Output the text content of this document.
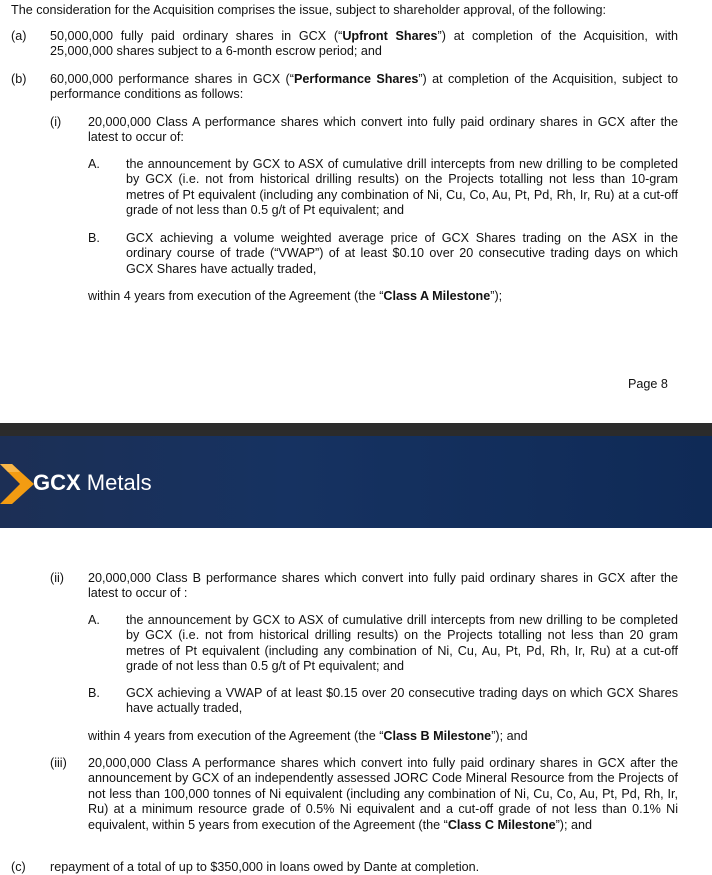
The consideration for the Acquisition comprises the issue, subject to shareholder approval, of the following:
(a) 50,000,000 fully paid ordinary shares in GCX (“Upfront Shares”) at completion of the Acquisition, with 25,000,000 shares subject to a 6-month escrow period; and
(b) 60,000,000 performance shares in GCX (“Performance Shares”) at completion of the Acquisition, subject to performance conditions as follows:
(i) 20,000,000 Class A performance shares which convert into fully paid ordinary shares in GCX after the latest to occur of:
A. the announcement by GCX to ASX of cumulative drill intercepts from new drilling to be completed by GCX (i.e. not from historical drilling results) on the Projects totalling not less than 10-gram metres of Pt equivalent (including any combination of Ni, Cu, Co, Au, Pt, Pd, Rh, Ir, Ru) at a cut-off grade of not less than 0.5 g/t of Pt equivalent; and
B. GCX achieving a volume weighted average price of GCX Shares trading on the ASX in the ordinary course of trade (“VWAP”) of at least $0.10 over 20 consecutive trading days on which GCX Shares have actually traded,
within 4 years from execution of the Agreement (the “Class A Milestone”);
Page 8
GCX Metals
(ii) 20,000,000 Class B performance shares which convert into fully paid ordinary shares in GCX after the latest to occur of :
A. the announcement by GCX to ASX of cumulative drill intercepts from new drilling to be completed by GCX (i.e. not from historical drilling results) on the Projects totalling not less than 20 gram metres of Pt equivalent (including any combination of Ni, Cu, Au, Pt, Pd, Rh, Ir, Ru) at a cut-off grade of not less than 0.5 g/t of Pt equivalent; and
B. GCX achieving a VWAP of at least $0.15 over 20 consecutive trading days on which GCX Shares have actually traded,
within 4 years from execution of the Agreement (the “Class B Milestone”); and
(iii) 20,000,000 Class A performance shares which convert into fully paid ordinary shares in GCX after the announcement by GCX of an independently assessed JORC Code Mineral Resource from the Projects of not less than 100,000 tonnes of Ni equivalent (including any combination of Ni, Cu, Co, Au, Pt, Pd, Rh, Ir, Ru) at a minimum resource grade of 0.5% Ni equivalent and a cut-off grade of not less than 0.1% Ni equivalent, within 5 years from execution of the Agreement (the “Class C Milestone”); and
(c) repayment of a total of up to $350,000 in loans owed by Dante at completion.
